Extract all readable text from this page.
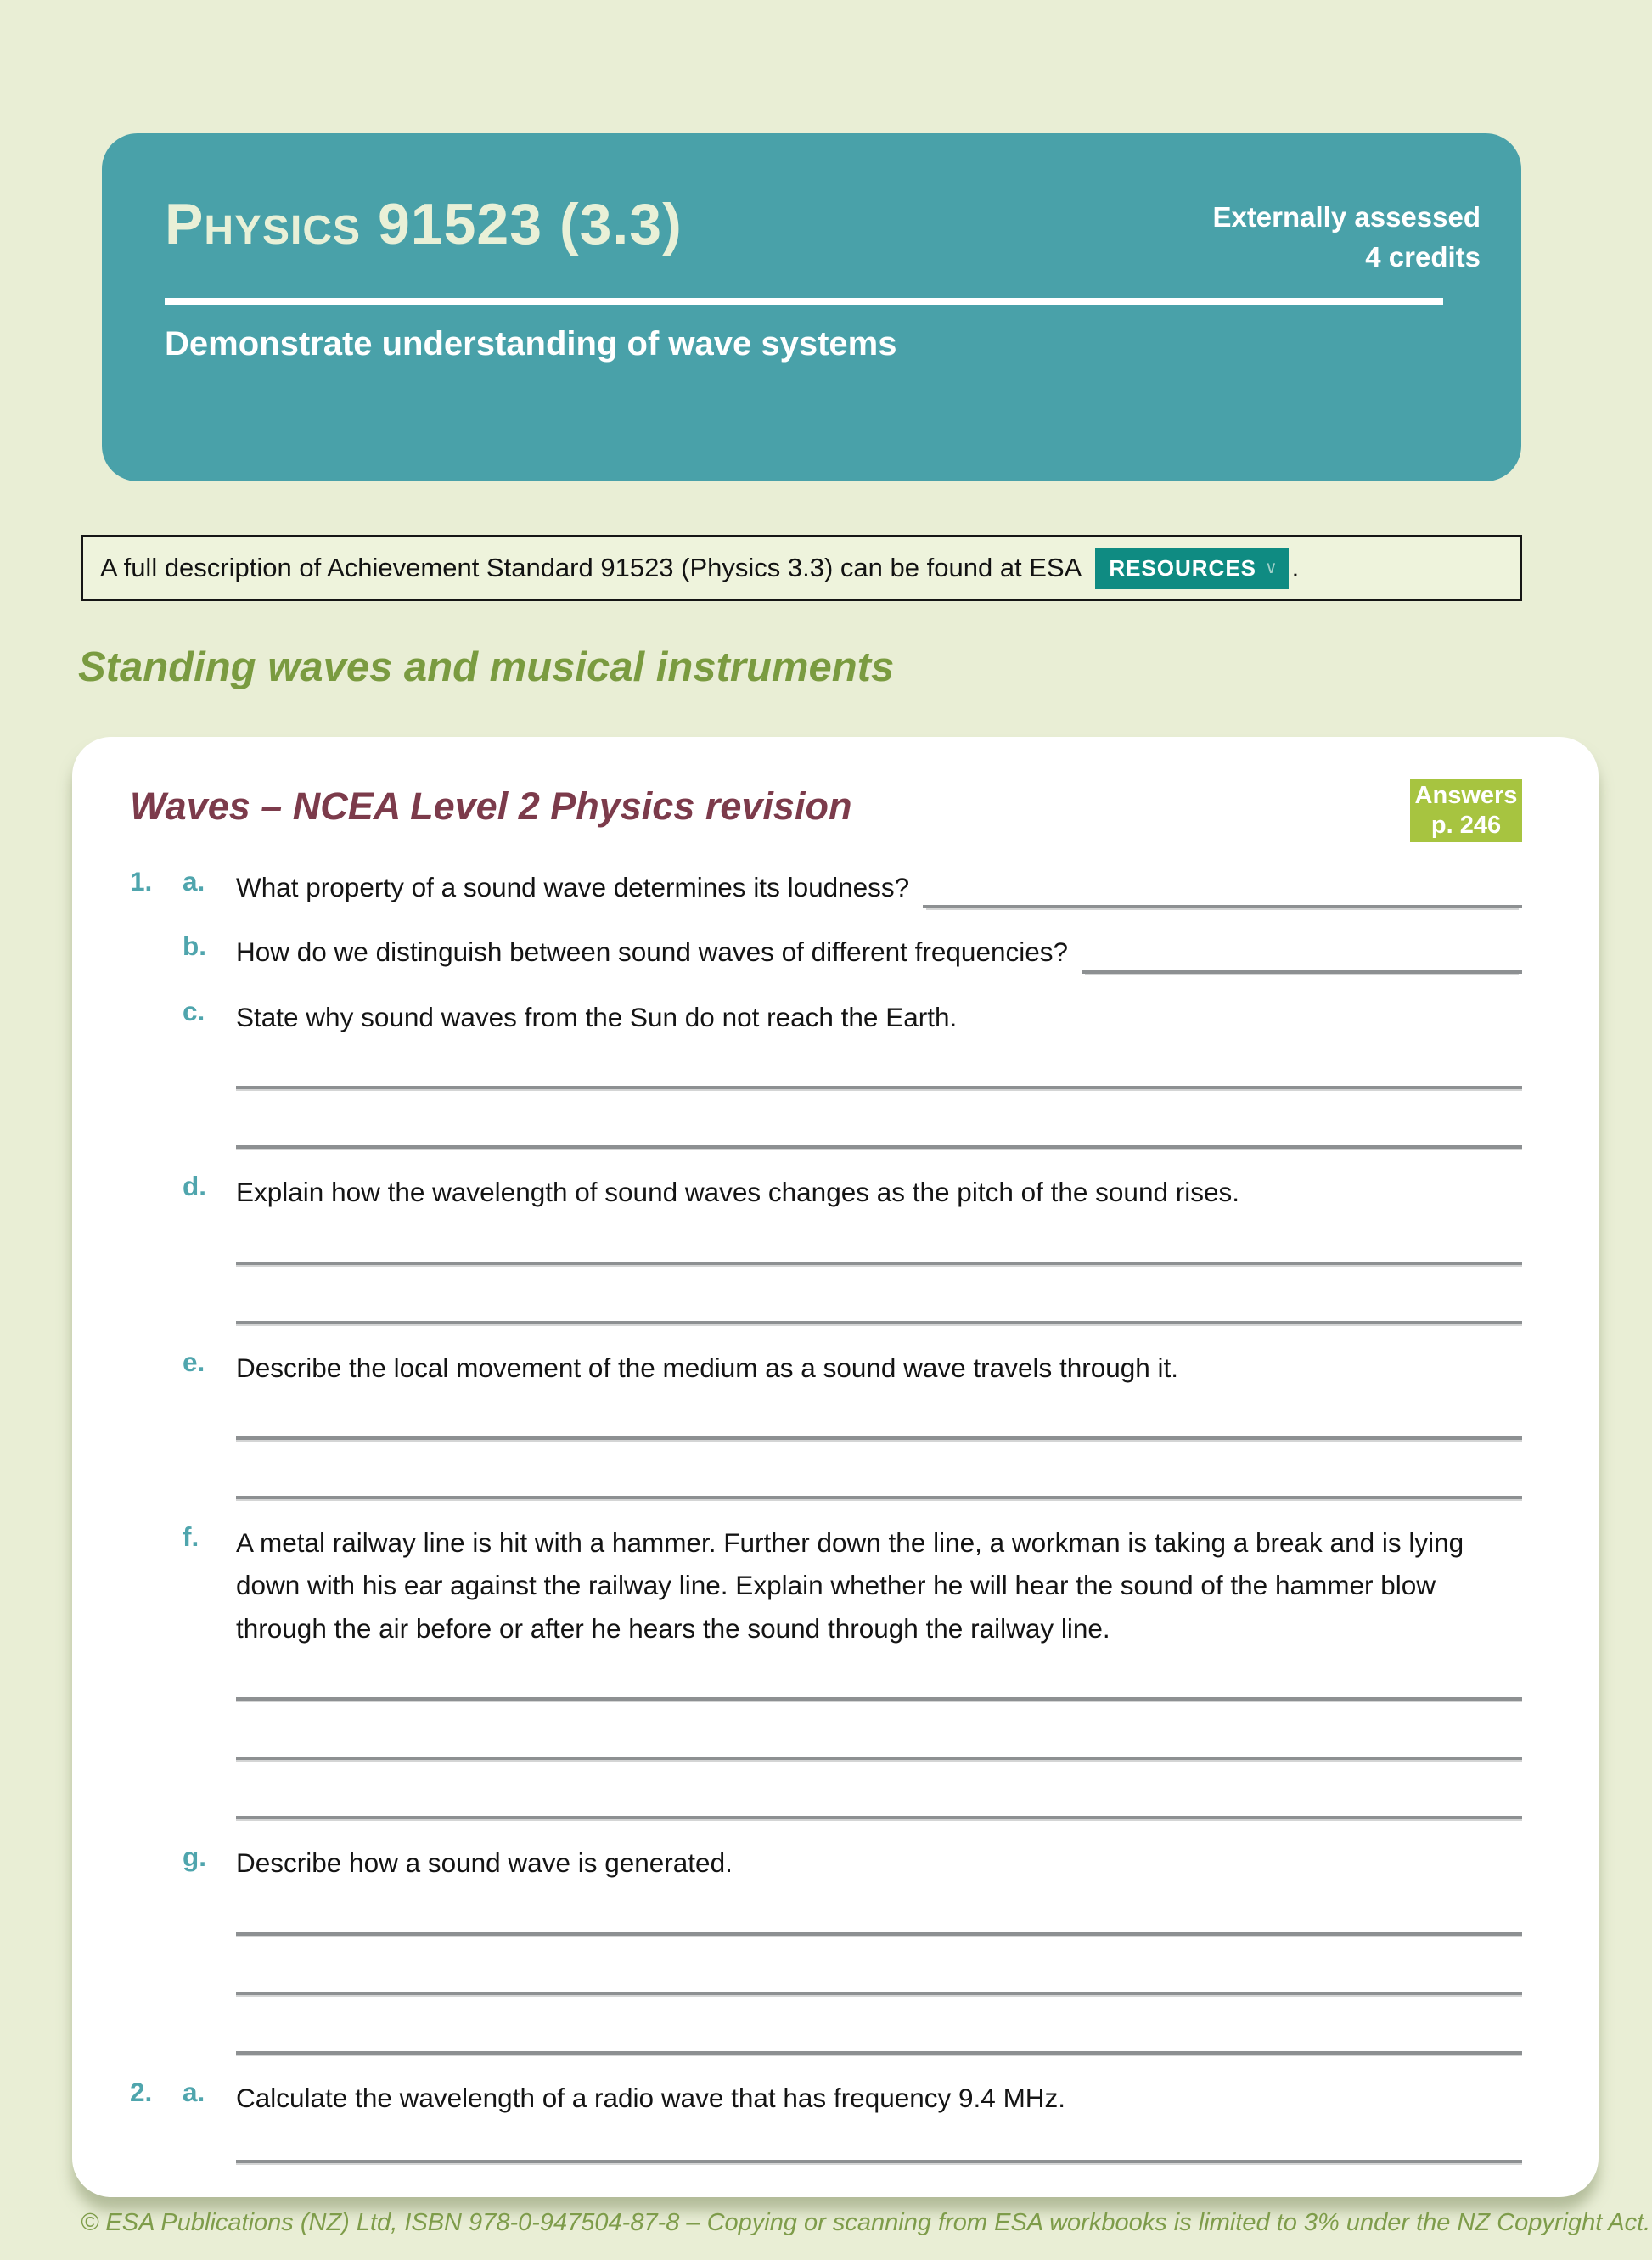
Physics 91523 (3.3)	Externally assessed
4 credits
Demonstrate understanding of wave systems
A full description of Achievement Standard 91523 (Physics 3.3) can be found at ESA RESOURCES ∨ .
Standing waves and musical instruments
Waves – NCEA Level 2 Physics revision	Answers
p. 246
1.	a.	What property of a sound wave determines its loudness?
b.	How do we distinguish between sound waves of different frequencies?
c.	State why sound waves from the Sun do not reach the Earth.
d.	Explain how the wavelength of sound waves changes as the pitch of the sound rises.
e.	Describe the local movement of the medium as a sound wave travels through it.
f.	A metal railway line is hit with a hammer. Further down the line, a workman is taking a break and is lying down with his ear against the railway line. Explain whether he will hear the sound of the hammer blow through the air before or after he hears the sound through the railway line.
g.	Describe how a sound wave is generated.
2.	a.	Calculate the wavelength of a radio wave that has frequency 9.4 MHz.
© ESA Publications (NZ) Ltd, ISBN 978-0-947504-87-8 – Copying or scanning from ESA workbooks is limited to 3% under the NZ Copyright Act.
